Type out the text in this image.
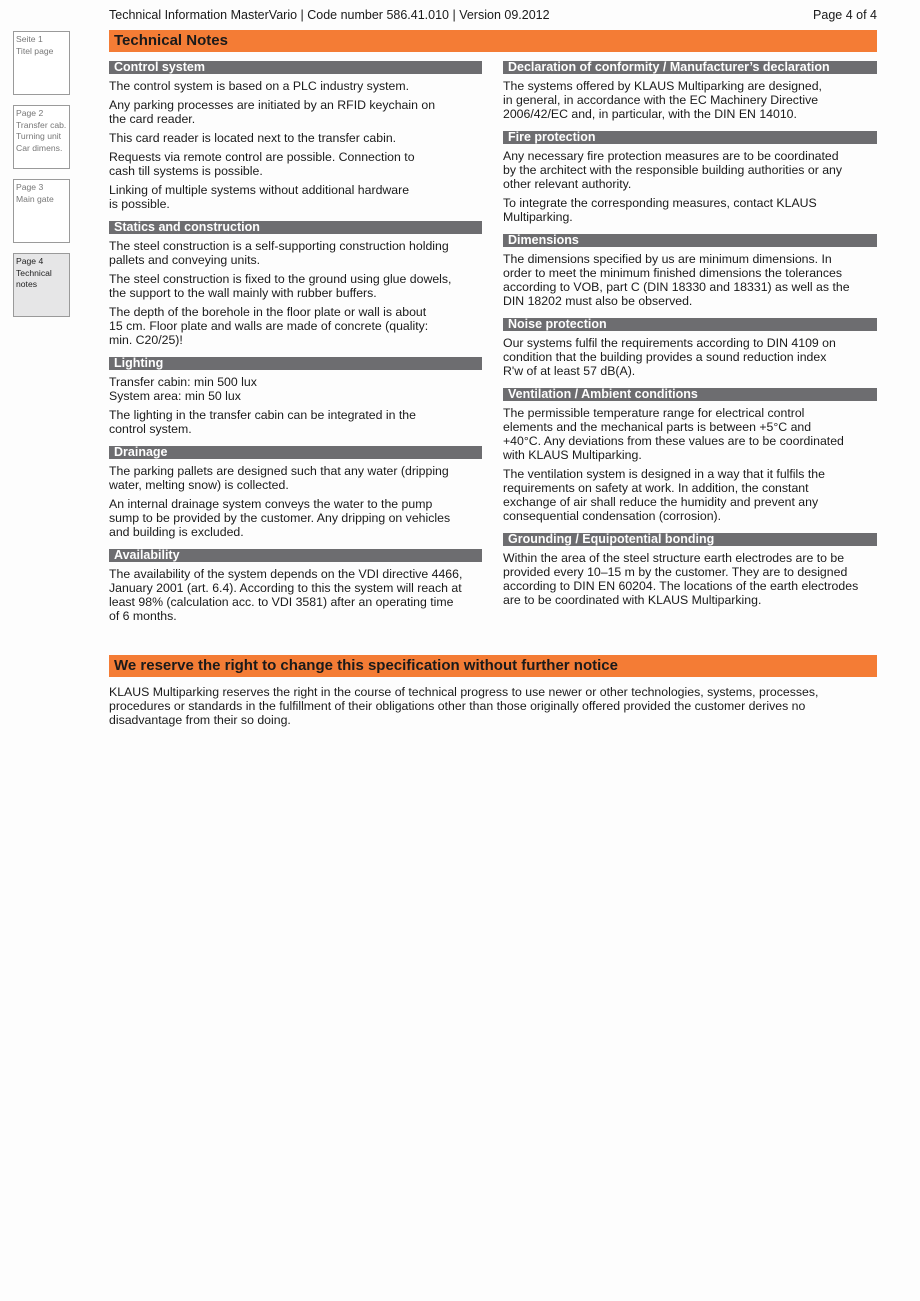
Technical Information MasterVario | Code number 586.41.010 | Version 09.2012	Page 4 of 4
Seite 1
Titel page
Page 2
Transfer cab.
Turning unit
Car dimens.
Page 3
Main gate
Page 4
Technical
notes
Technical Notes
Control system

The control system is based on a PLC industry system.

Any parking processes are initiated by an RFID keychain on
the card reader.

This card reader is located next to the transfer cabin.

Requests via remote control are possible. Connection to
cash till systems is possible.

Linking of multiple systems without additional hardware
is possible.

Statics and construction

The steel construction is a self-supporting construction holding
pallets and conveying units.

The steel construction is fixed to the ground using glue dowels,
the support to the wall mainly with rubber buffers.

The depth of the borehole in the floor plate or wall is about
15 cm. Floor plate and walls are made of concrete (quality:
min. C20/25)!

Lighting

Transfer cabin: min 500 lux
System area: min 50 lux

The lighting in the transfer cabin can be integrated in the
control system.

Drainage

The parking pallets are designed such that any water (dripping
water, melting snow) is collected.

An internal drainage system conveys the water to the pump
sump to be provided by the customer. Any dripping on vehicles
and building is excluded.

Availability

The availability of the system depends on the VDI directive 4466,
January 2001 (art. 6.4). According to this the system will reach at
least 98% (calculation acc. to VDI 3581) after an operating time
of 6 months.

Declaration of conformity / Manufacturer’s declaration

The systems offered by KLAUS Multiparking are designed,
in general, in accordance with the EC Machinery Directive
2006/42/EC and, in particular, with the DIN EN 14010.

Fire protection

Any necessary fire protection measures are to be coordinated
by the architect with the responsible building authorities or any
other relevant authority.

To integrate the corresponding measures, contact KLAUS
Multiparking.

Dimensions

The dimensions specified by us are minimum dimensions. In
order to meet the minimum finished dimensions the tolerances
according to VOB, part C (DIN 18330 and 18331) as well as the
DIN 18202 must also be observed.

Noise protection

Our systems fulfil the requirements according to DIN 4109 on
condition that the building provides a sound reduction index
R'w of at least 57 dB(A).

Ventilation / Ambient conditions

The permissible temperature range for electrical control
elements and the mechanical parts is between +5°C and
+40°C. Any deviations from these values are to be coordinated
with KLAUS Multiparking.

The ventilation system is designed in a way that it fulfils the
requirements on safety at work. In addition, the constant
exchange of air shall reduce the humidity and prevent any
consequential condensation (corrosion).

Grounding / Equipotential bonding

Within the area of the steel structure earth electrodes are to be
provided every 10–15 m by the customer. They are to designed
according to DIN EN 60204. The locations of the earth electrodes
are to be coordinated with KLAUS Multiparking.

We reserve the right to change this specification without further notice
KLAUS Multiparking reserves the right in the course of technical progress to use newer or other technologies, systems, processes,
procedures or standards in the fulfillment of their obligations other than those originally offered provided the customer derives no
disadvantage from their so doing.
